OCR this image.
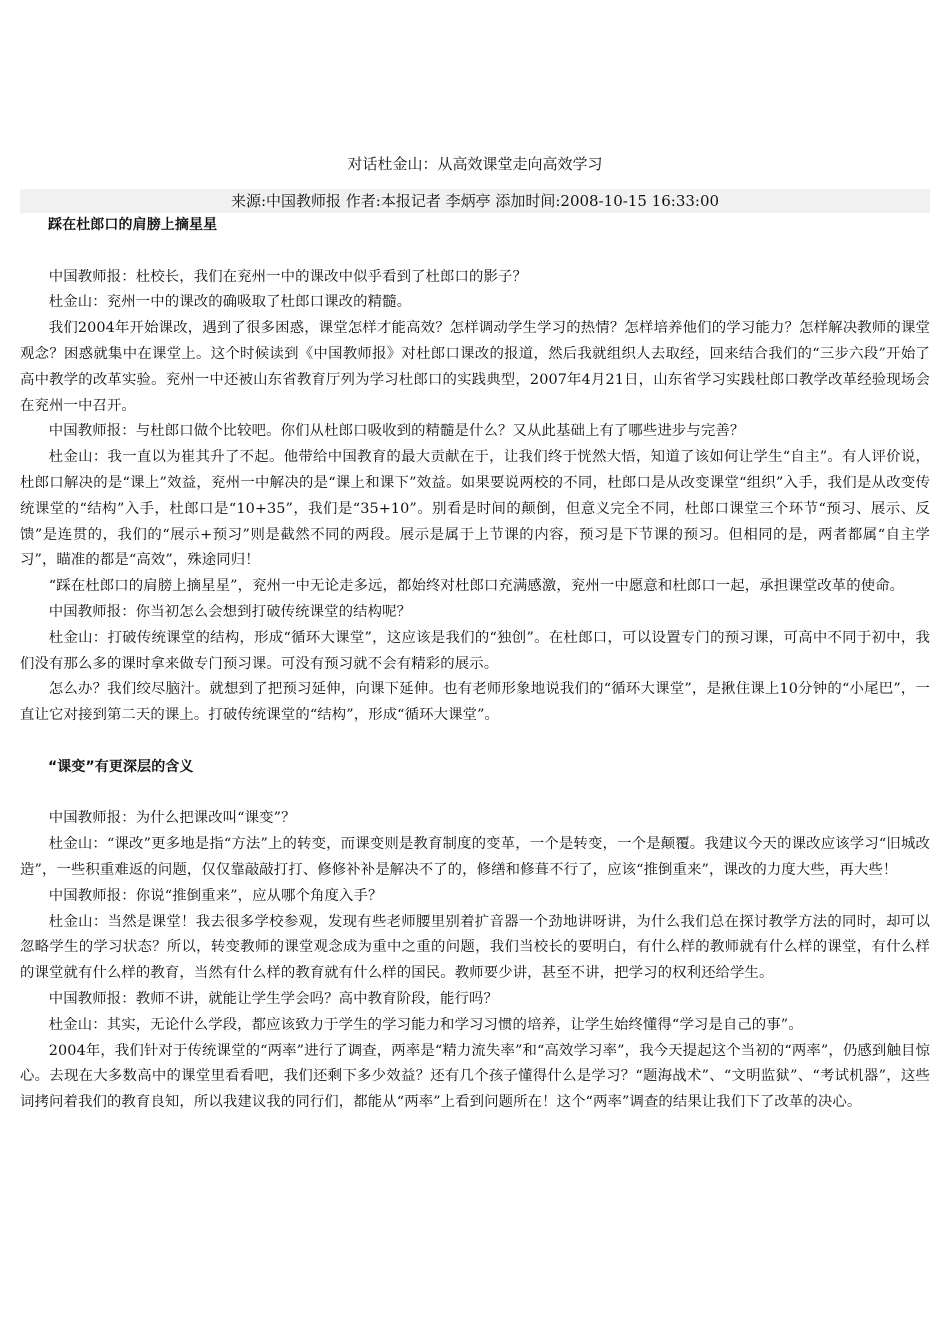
对话杜金山：从高效课堂走向高效学习
来源:中国教师报 作者:本报记者 李炳亭 添加时间:2008-10-15 16:33:00

踩在杜郎口的肩膀上摘星星

中国教师报：杜校长，我们在兖州一中的课改中似乎看到了杜郎口的影子？

杜金山：兖州一中的课改的确吸取了杜郎口课改的精髓。

我们2004年开始课改，遇到了很多困惑，课堂怎样才能高效？怎样调动学生学习的热情？怎样培养他们的学习能力？怎样解决教师的课堂观念？困惑就集中在课堂上。这个时候读到《中国教师报》对杜郎口课改的报道，然后我就组织人去取经，回来结合我们的“三步六段”开始了高中教学的改革实验。兖州一中还被山东省教育厅列为学习杜郎口的实践典型，2007年4月21日，山东省学习实践杜郎口教学改革经验现场会在兖州一中召开。

中国教师报：与杜郎口做个比较吧。你们从杜郎口吸收到的精髓是什么？又从此基础上有了哪些进步与完善？

杜金山：我一直以为崔其升了不起。他带给中国教育的最大贡献在于，让我们终于恍然大悟，知道了该如何让学生“自主”。有人评价说，杜郎口解决的是“课上”效益，兖州一中解决的是“课上和课下”效益。如果要说两校的不同，杜郎口是从改变课堂“组织”入手，我们是从改变传统课堂的“结构”入手，杜郎口是“10+35”，我们是“35+10”。别看是时间的颠倒，但意义完全不同，杜郎口课堂三个环节“预习、展示、反馈”是连贯的，我们的“展示+预习”则是截然不同的两段。展示是属于上节课的内容，预习是下节课的预习。但相同的是，两者都属“自主学习”，瞄准的都是“高效”，殊途同归！

“踩在杜郎口的肩膀上摘星星”，兖州一中无论走多远，都始终对杜郎口充满感激，兖州一中愿意和杜郎口一起，承担课堂改革的使命。

中国教师报：你当初怎么会想到打破传统课堂的结构呢？

杜金山：打破传统课堂的结构，形成“循环大课堂”，这应该是我们的“独创”。在杜郎口，可以设置专门的预习课，可高中不同于初中，我们没有那么多的课时拿来做专门预习课。可没有预习就不会有精彩的展示。

怎么办？我们绞尽脑汁。就想到了把预习延伸，向课下延伸。也有老师形象地说我们的“循环大课堂”，是揪住课上10分钟的“小尾巴”，一直让它对接到第二天的课上。打破传统课堂的“结构”，形成“循环大课堂”。

“课变”有更深层的含义

中国教师报：为什么把课改叫“课变”？

杜金山：“课改”更多地是指“方法”上的转变，而课变则是教育制度的变革，一个是转变，一个是颠覆。我建议今天的课改应该学习“旧城改造”，一些积重难返的问题，仅仅靠敲敲打打、修修补补是解决不了的，修缮和修葺不行了，应该“推倒重来”，课改的力度大些，再大些！

中国教师报：你说“推倒重来”，应从哪个角度入手？

杜金山：当然是课堂！我去很多学校参观，发现有些老师腰里别着扩音器一个劲地讲呀讲，为什么我们总在探讨教学方法的同时，却可以忽略学生的学习状态？所以，转变教师的课堂观念成为重中之重的问题，我们当校长的要明白，有什么样的教师就有什么样的课堂，有什么样的课堂就有什么样的教育，当然有什么样的教育就有什么样的国民。教师要少讲，甚至不讲，把学习的权利还给学生。

中国教师报：教师不讲，就能让学生学会吗？高中教育阶段，能行吗？

杜金山：其实，无论什么学段，都应该致力于学生的学习能力和学习习惯的培养，让学生始终懂得“学习是自己的事”。

2004年，我们针对于传统课堂的“两率”进行了调查，两率是“精力流失率”和“高效学习率”，我今天提起这个当初的“两率”，仍感到触目惊心。去现在大多数高中的课堂里看看吧，我们还剩下多少效益？还有几个孩子懂得什么是学习？“题海战术”、“文明监狱”、“考试机器”，这些词拷问着我们的教育良知，所以我建议我的同行们，都能从“两率”上看到问题所在！这个“两率”调查的结果让我们下了改革的决心。
